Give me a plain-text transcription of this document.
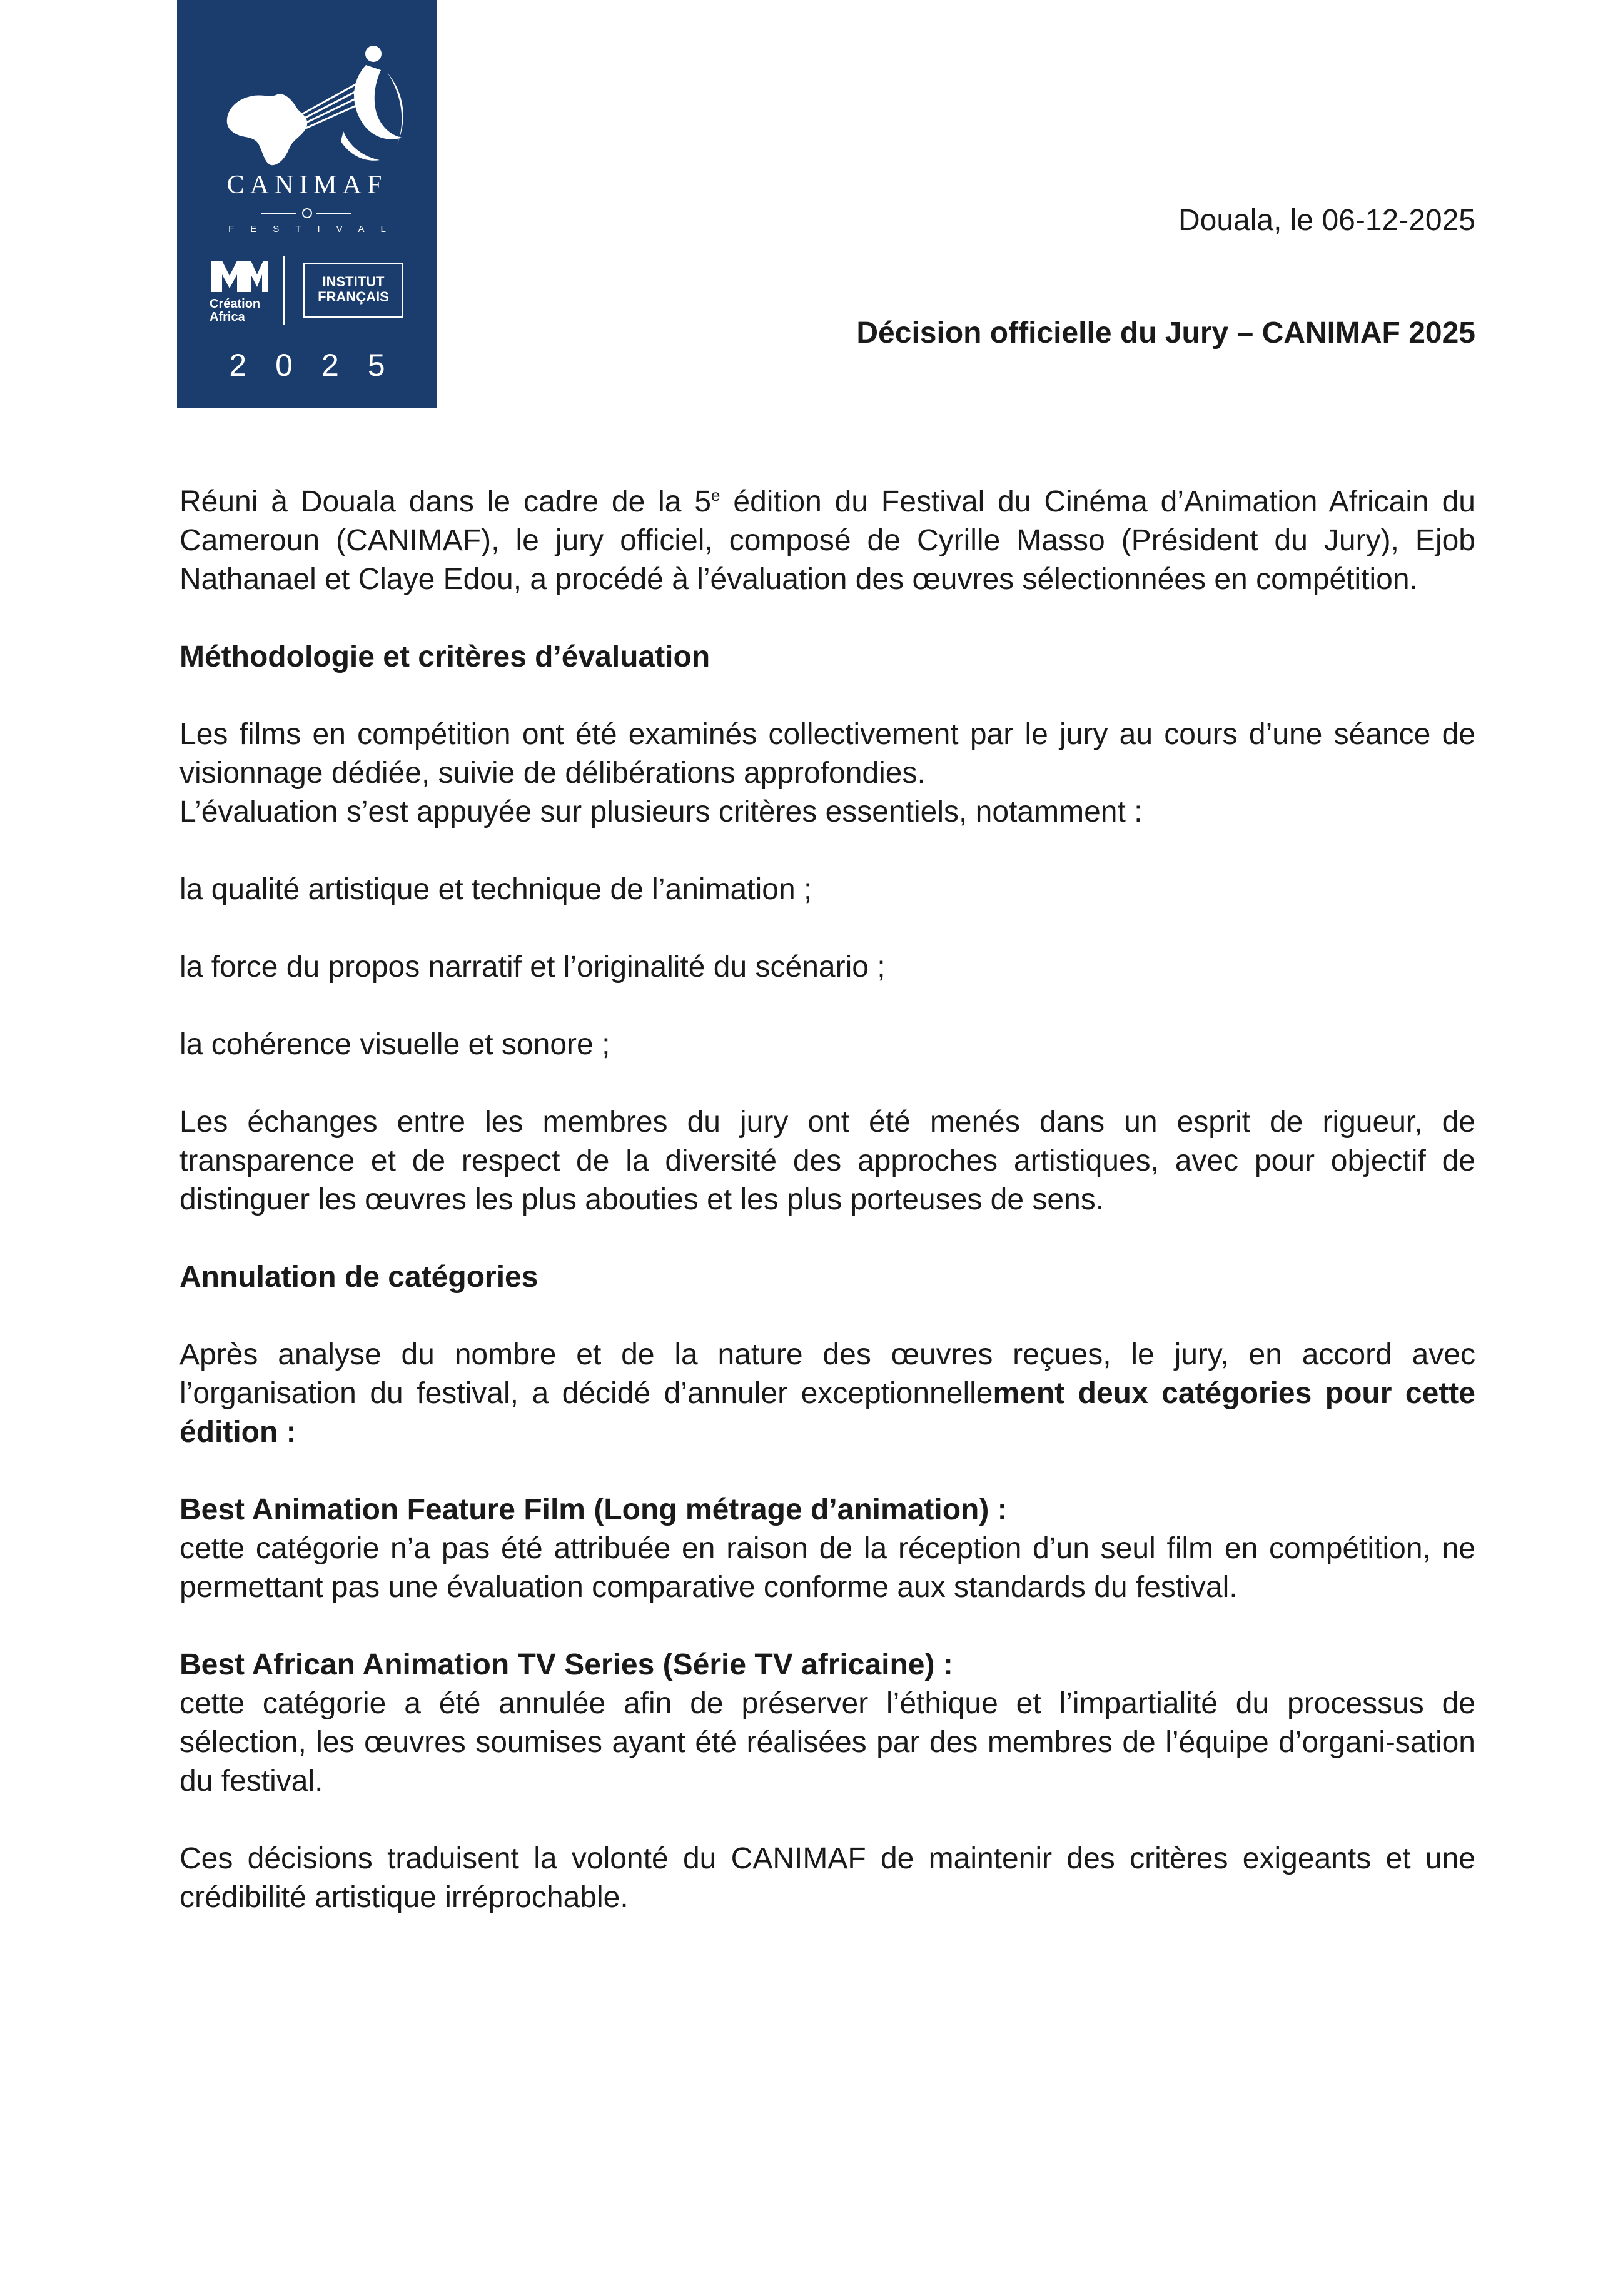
CANIMAF
FESTIVAL
Création
Africa
INSTITUT
FRANÇAIS
2025

Douala, le 06-12-2025

Décision officielle du Jury – CANIMAF 2025

Réuni à Douala dans le cadre de la 5e édition du Festival du Cinéma d’Animation Africain du Cameroun (CANIMAF), le jury officiel, composé de Cyrille Masso (Président du Jury), Ejob Nathanael et Claye Edou, a procédé à l’évaluation des œuvres sélectionnées en compétition.

Méthodologie et critères d’évaluation

Les films en compétition ont été examinés collectivement par le jury au cours d’une séance de visionnage dédiée, suivie de délibérations approfondies.

L’évaluation s’est appuyée sur plusieurs critères essentiels, notamment :

la qualité artistique et technique de l’animation ;

la force du propos narratif et l’originalité du scénario ;

la cohérence visuelle et sonore ;

Les échanges entre les membres du jury ont été menés dans un esprit de rigueur, de transparence et de respect de la diversité des approches artistiques, avec pour objectif de distinguer les œuvres les plus abouties et les plus porteuses de sens.

Annulation de catégories

Après analyse du nombre et de la nature des œuvres reçues, le jury, en accord avec l’organisation du festival, a décidé d’annuler exceptionnellement deux catégories pour cette édition :

Best Animation Feature Film (Long métrage d’animation) :

cette catégorie n’a pas été attribuée en raison de la réception d’un seul film en compétition, ne permettant pas une évaluation comparative conforme aux standards du festival.

Best African Animation TV Series (Série TV africaine) :

cette catégorie a été annulée afin de préserver l’éthique et l’impartialité du processus de sélection, les œuvres soumises ayant été réalisées par des membres de l’équipe d’organi-sation du festival.

Ces décisions traduisent la volonté du CANIMAF de maintenir des critères exigeants et une crédibilité artistique irréprochable.
